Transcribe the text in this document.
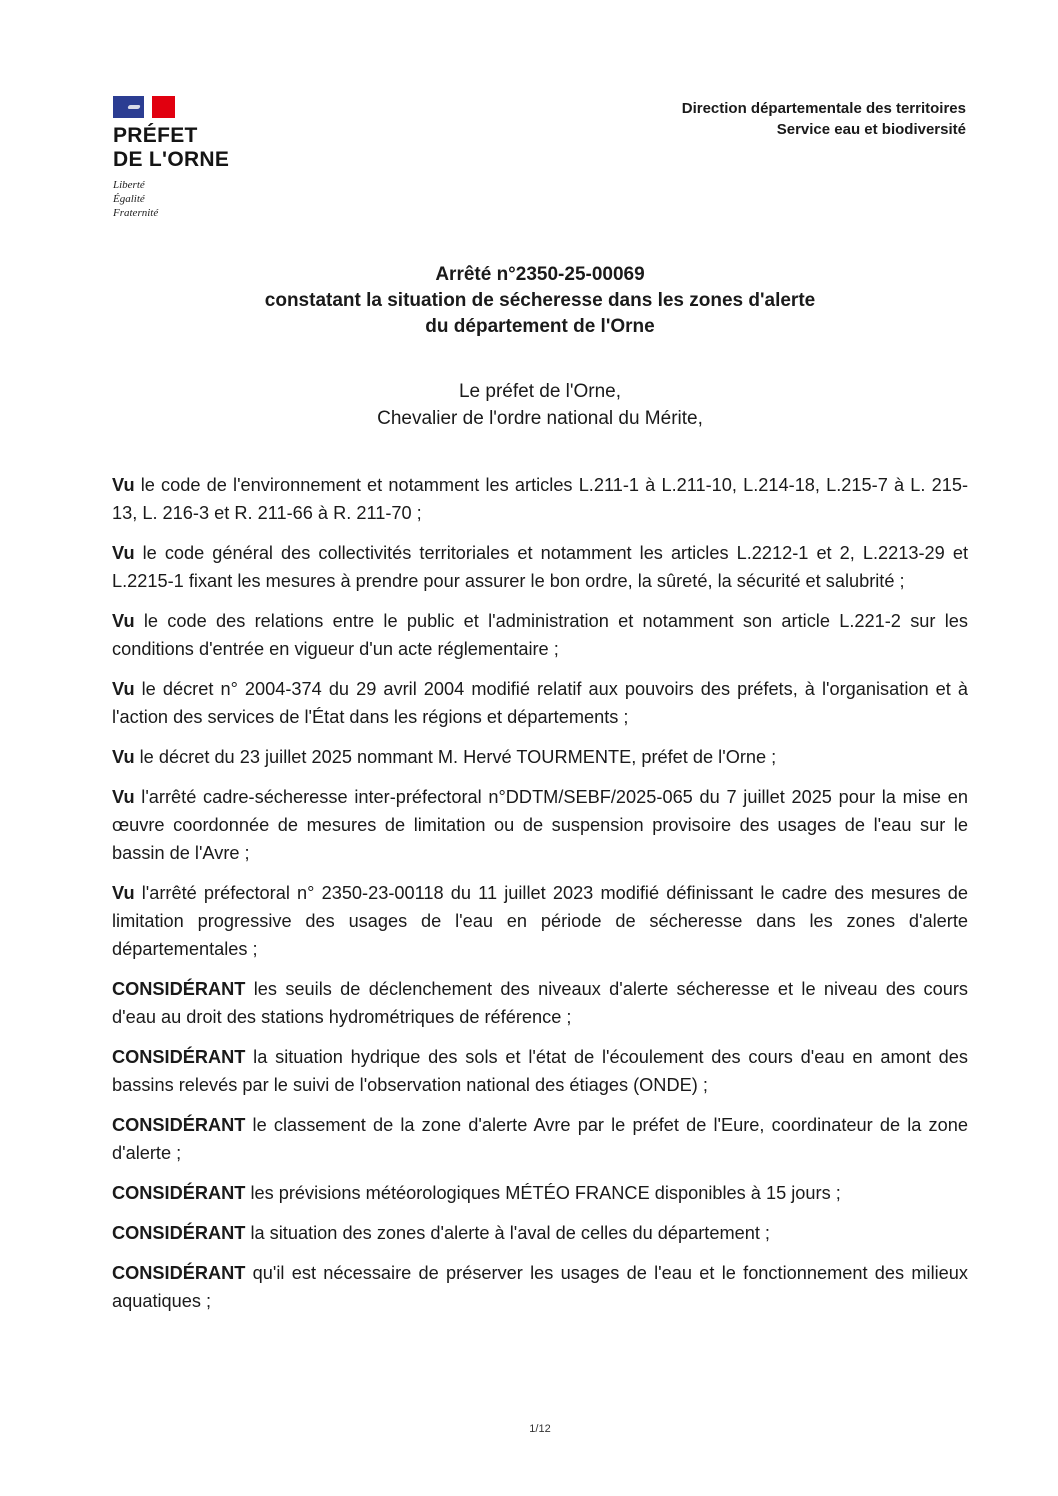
PRÉFET
DE L'ORNE
Liberté
Égalité
Fraternité
Direction départementale des territoires
Service eau et biodiversité
Arrêté n°2350-25-00069
constatant la situation de sécheresse dans les zones d'alerte
du département de l'Orne
Le préfet de l'Orne,
Chevalier de l'ordre national du Mérite,

Vu le code de l'environnement et notamment les articles L.211-1 à L.211-10, L.214-18, L.215-7 à L. 215-13, L. 216-3 et R. 211-66 à R. 211-70 ;

Vu le code général des collectivités territoriales et notamment les articles L.2212-1 et 2, L.2213-29 et L.2215-1 fixant les mesures à prendre pour assurer le bon ordre, la sûreté, la sécurité et salubrité ;

Vu le code des relations entre le public et l'administration et notamment son article L.221-2 sur les conditions d'entrée en vigueur d'un acte réglementaire ;

Vu le décret n° 2004-374 du 29 avril 2004 modifié relatif aux pouvoirs des préfets, à l'organisation et à l'action des services de l'État dans les régions et départements ;

Vu le décret du 23 juillet 2025 nommant M. Hervé TOURMENTE, préfet de l'Orne ;

Vu l'arrêté cadre-sécheresse inter-préfectoral n°DDTM/SEBF/2025-065 du 7 juillet 2025 pour la mise en œuvre coordonnée de mesures de limitation ou de suspension provisoire des usages de l'eau sur le bassin de l'Avre ;

Vu l'arrêté préfectoral n° 2350-23-00118 du 11 juillet 2023 modifié définissant le cadre des mesures de limitation progressive des usages de l'eau en période de sécheresse dans les zones d'alerte départementales ;

CONSIDÉRANT les seuils de déclenchement des niveaux d'alerte sécheresse et le niveau des cours d'eau au droit des stations hydrométriques de référence ;

CONSIDÉRANT la situation hydrique des sols et l'état de l'écoulement des cours d'eau en amont des bassins relevés par le suivi de l'observation national des étiages (ONDE) ;

CONSIDÉRANT le classement de la zone d'alerte Avre par le préfet de l'Eure, coordinateur de la zone d'alerte ;

CONSIDÉRANT les prévisions météorologiques MÉTÉO FRANCE disponibles à 15 jours ;

CONSIDÉRANT la situation des zones d'alerte à l'aval de celles du département ;

CONSIDÉRANT qu'il est nécessaire de préserver les usages de l'eau et le fonctionnement des milieux aquatiques ;

1/12
